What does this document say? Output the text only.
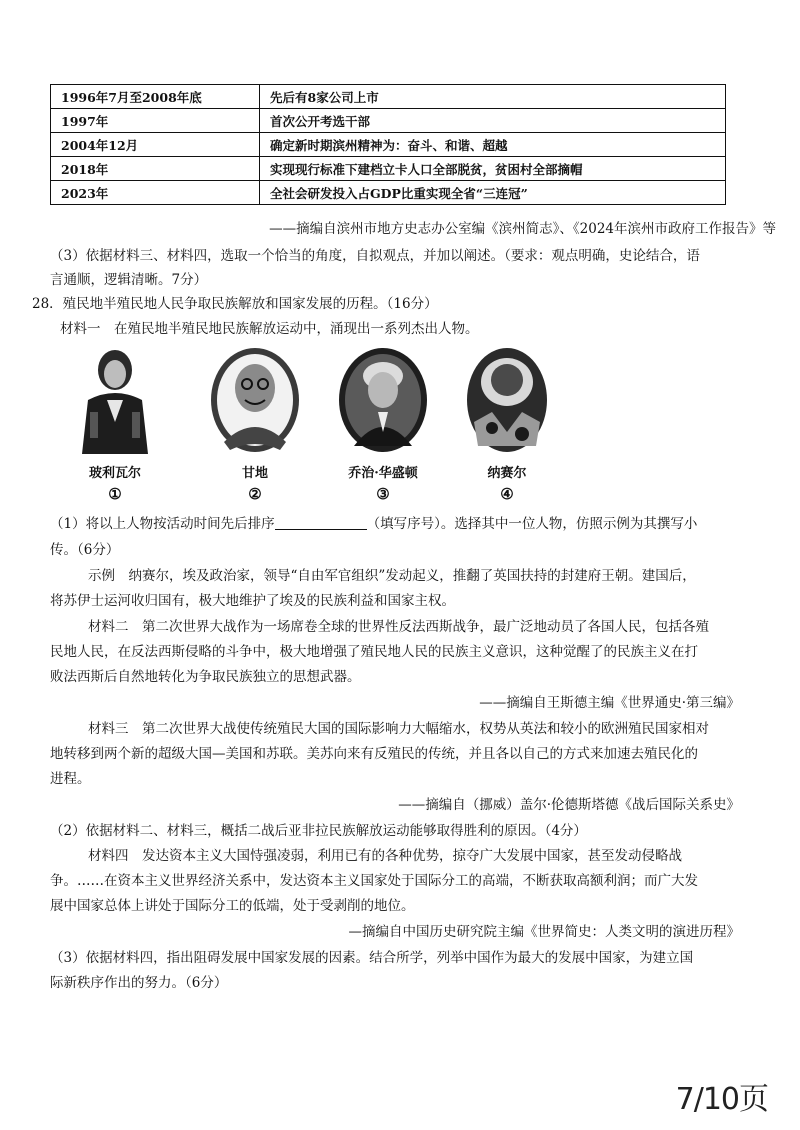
1996年7月至2008年底	先后有8家公司上市
1997年	首次公开考选干部
2004年12月	确定新时期滨州精神为：奋斗、和谐、超越
2018年	实现现行标准下建档立卡人口全部脱贫，贫困村全部摘帽
2023年	全社会研发投入占GDP比重实现全省“三连冠”
——摘编自滨州市地方史志办公室编《滨州简志》、《2024年滨州市政府工作报告》等
（3）依据材料三、材料四，选取一个恰当的角度，自拟观点，并加以阐述。（要求：观点明确，史论结合，语
言通顺，逻辑清晰。7分）
28．殖民地半殖民地人民争取民族解放和国家发展的历程。（16分）
材料一　在殖民地半殖民地民族解放运动中，涌现出一系列杰出人物。
玻利瓦尔
①
甘地
②
乔治·华盛顿
③
纳赛尔
④
（1）将以上人物按活动时间先后排序	（填写序号）。选择其中一位人物，仿照示例为其撰写小
传。（6分）
示例　纳赛尔，埃及政治家，领导“自由军官组织”发动起义，推翻了英国扶持的封建府王朝。建国后，
将苏伊士运河收归国有，极大地维护了埃及的民族利益和国家主权。
材料二　第二次世界大战作为一场席卷全球的世界性反法西斯战争，最广泛地动员了各国人民，包括各殖
民地人民，在反法西斯侵略的斗争中，极大地增强了殖民地人民的民族主义意识，这种觉醒了的民族主义在打
败法西斯后自然地转化为争取民族独立的思想武器。
——摘编自王斯德主编《世界通史·第三编》
材料三　第二次世界大战使传统殖民大国的国际影响力大幅缩水，权势从英法和较小的欧洲殖民国家相对
地转移到两个新的超级大国—美国和苏联。美苏向来有反殖民的传统，并且各以自己的方式来加速去殖民化的
进程。
——摘编自（挪威）盖尔·伦德斯塔德《战后国际关系史》
（2）依据材料二、材料三，概括二战后亚非拉民族解放运动能够取得胜利的原因。（4分）
材料四　发达资本主义大国恃强凌弱，利用已有的各种优势，掠夺广大发展中国家，甚至发动侵略战
争。……在资本主义世界经济关系中，发达资本主义国家处于国际分工的高端，不断获取高额利润；而广大发
展中国家总体上讲处于国际分工的低端，处于受剥削的地位。
—摘编自中国历史研究院主编《世界简史：人类文明的演进历程》
（3）依据材料四，指出阻碍发展中国家发展的因素。结合所学，列举中国作为最大的发展中国家，为建立国
际新秩序作出的努力。（6分）
7/10页
